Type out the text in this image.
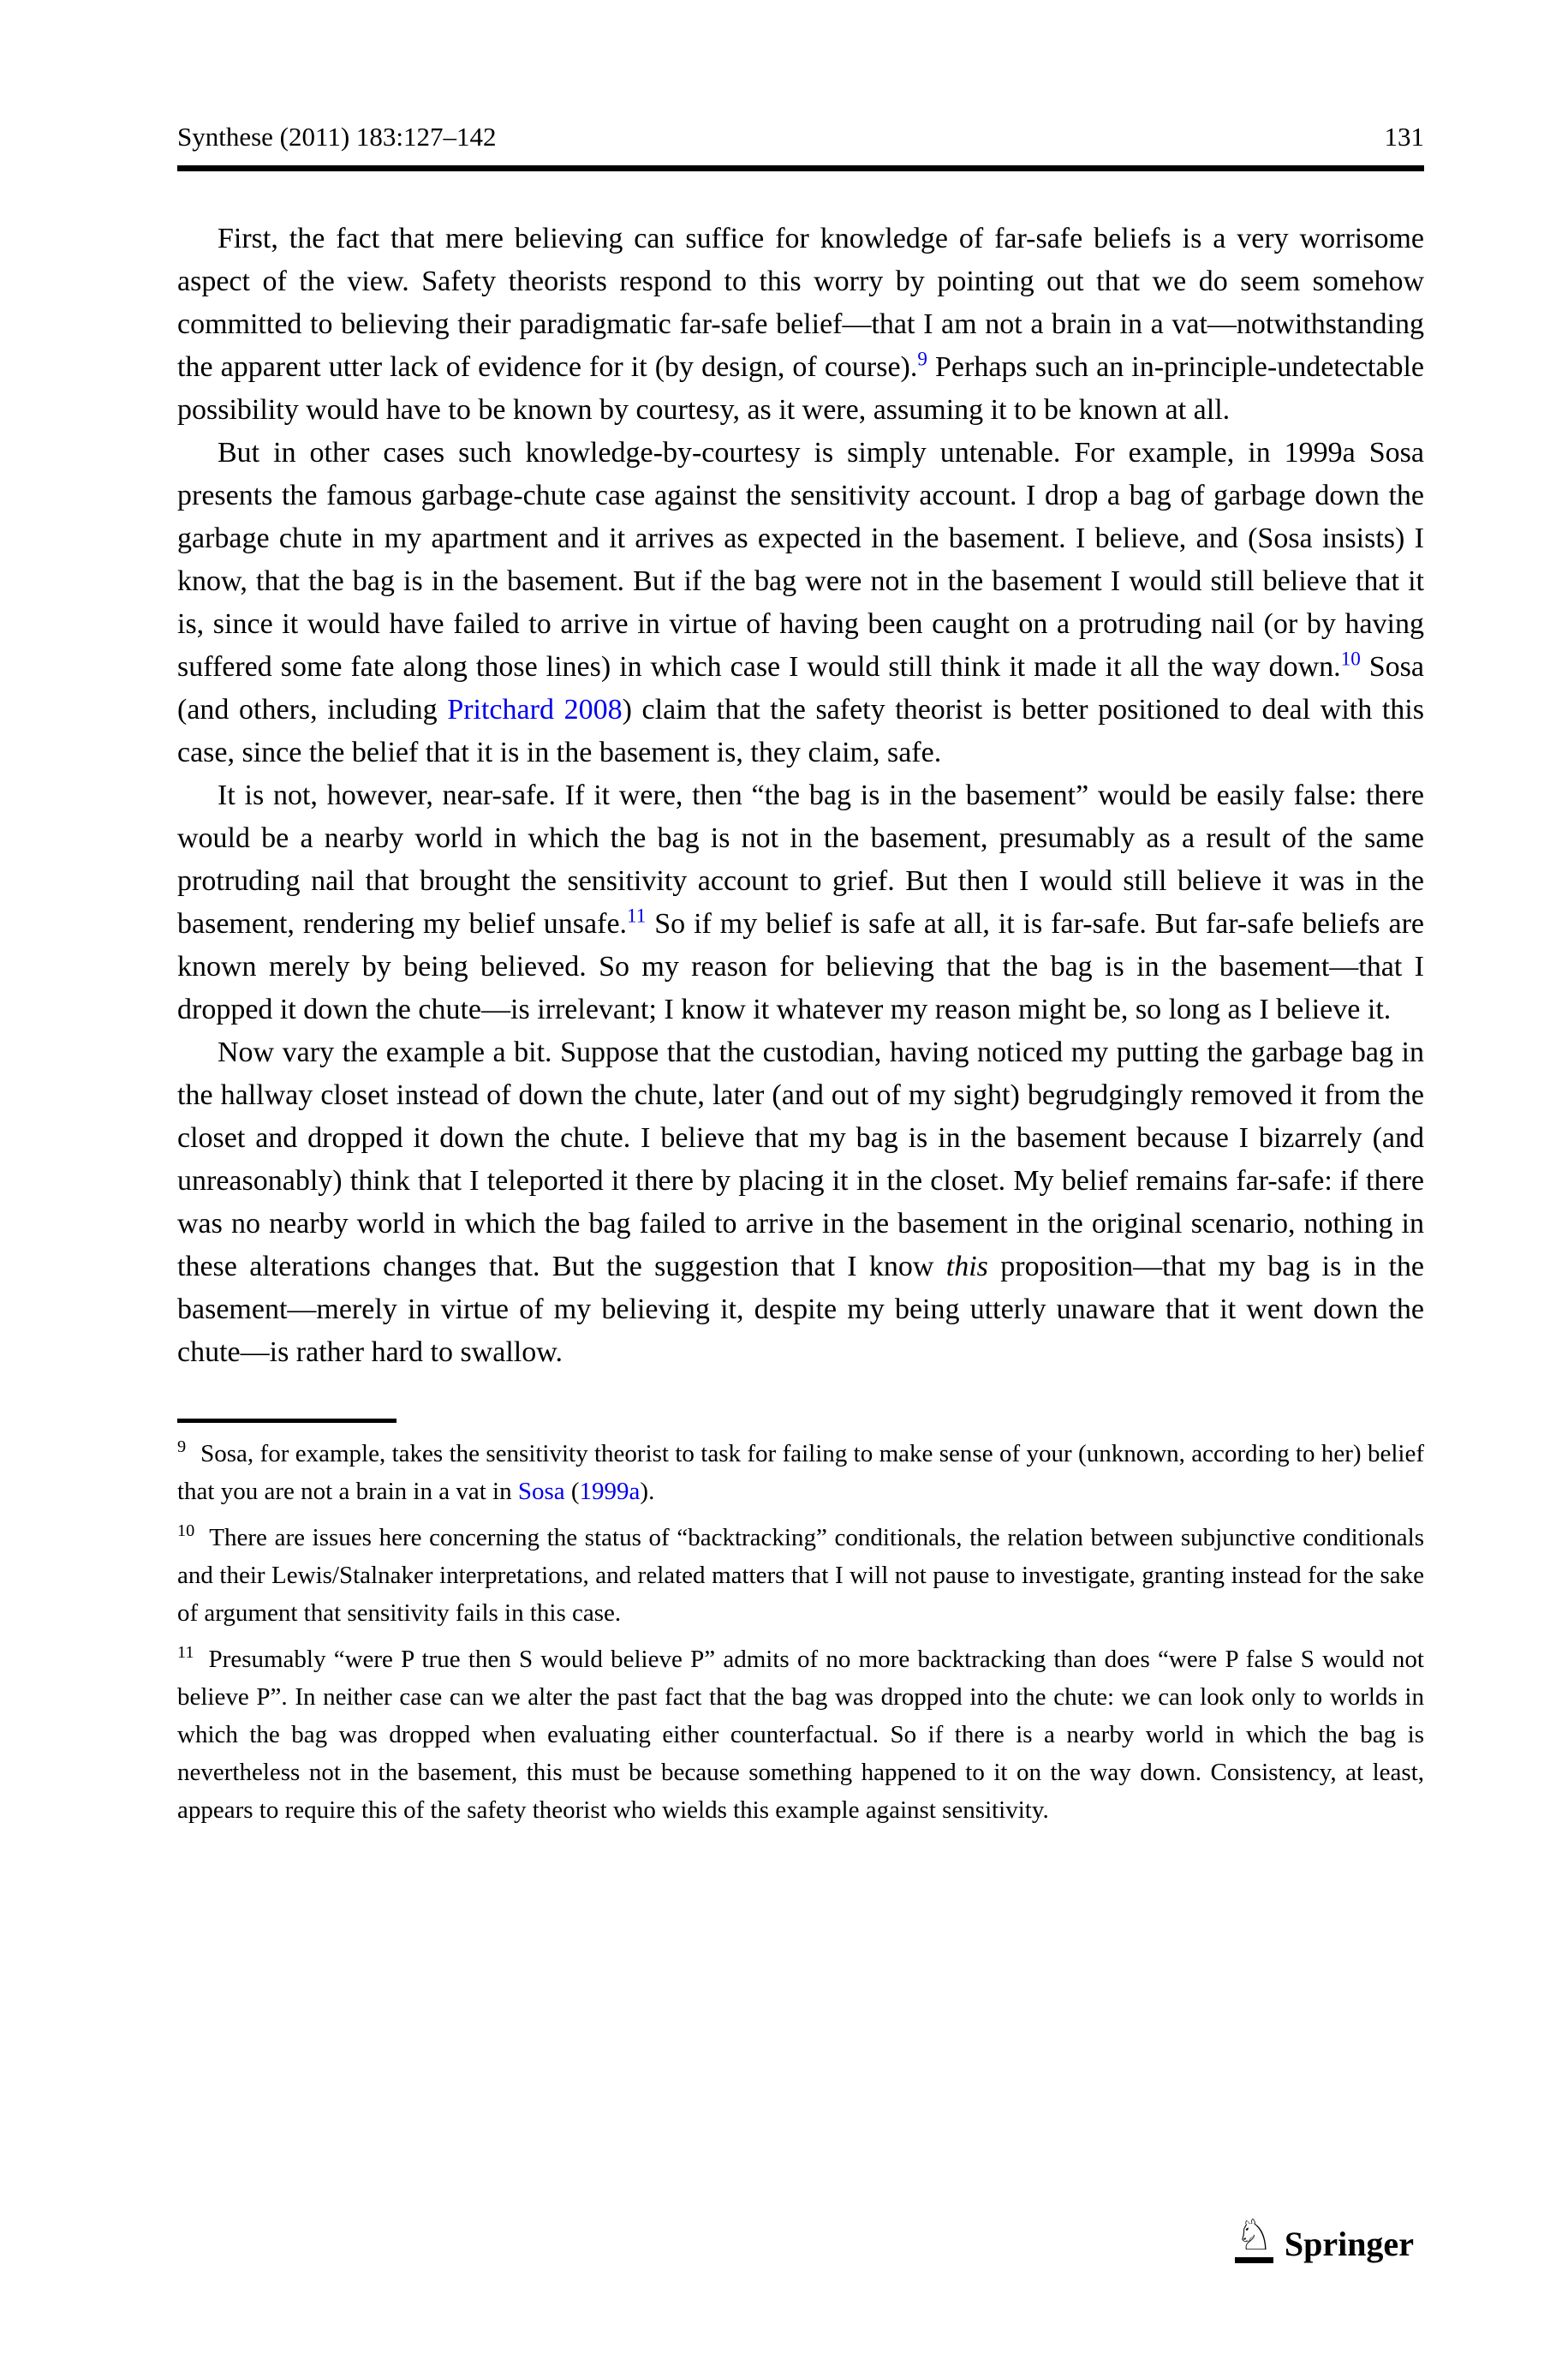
Synthese (2011) 183:127–142	131

First, the fact that mere believing can suffice for knowledge of far-safe beliefs is a very worrisome aspect of the view. Safety theorists respond to this worry by pointing out that we do seem somehow committed to believing their paradigmatic far-safe belief—that I am not a brain in a vat—notwithstanding the apparent utter lack of evidence for it (by design, of course).$^9$ Perhaps such an in-principle-undetectable possibility would have to be known by courtesy, as it were, assuming it to be known at all.

But in other cases such knowledge-by-courtesy is simply untenable. For example, in 1999a Sosa presents the famous garbage-chute case against the sensitivity account. I drop a bag of garbage down the garbage chute in my apartment and it arrives as expected in the basement. I believe, and (Sosa insists) I know, that the bag is in the basement. But if the bag were not in the basement I would still believe that it is, since it would have failed to arrive in virtue of having been caught on a protruding nail (or by having suffered some fate along those lines) in which case I would still think it made it all the way down.$^{10}$ Sosa (and others, including Pritchard 2008) claim that the safety theorist is better positioned to deal with this case, since the belief that it is in the basement is, they claim, safe.

It is not, however, near-safe. If it were, then “the bag is in the basement” would be easily false: there would be a nearby world in which the bag is not in the basement, presumably as a result of the same protruding nail that brought the sensitivity account to grief. But then I would still believe it was in the basement, rendering my belief unsafe.$^{11}$ So if my belief is safe at all, it is far-safe. But far-safe beliefs are known merely by being believed. So my reason for believing that the bag is in the basement—that I dropped it down the chute—is irrelevant; I know it whatever my reason might be, so long as I believe it.

Now vary the example a bit. Suppose that the custodian, having noticed my putting the garbage bag in the hallway closet instead of down the chute, later (and out of my sight) begrudgingly removed it from the closet and dropped it down the chute. I believe that my bag is in the basement because I bizarrely (and unreasonably) think that I teleported it there by placing it in the closet. My belief remains far-safe: if there was no nearby world in which the bag failed to arrive in the basement in the original scenario, nothing in these alterations changes that. But the suggestion that I know this proposition—that my bag is in the basement—merely in virtue of my believing it, despite my being utterly unaware that it went down the chute—is rather hard to swallow.

$^9$ Sosa, for example, takes the sensitivity theorist to task for failing to make sense of your (unknown, according to her) belief that you are not a brain in a vat in Sosa (1999a).
$^{10}$ There are issues here concerning the status of “backtracking” conditionals, the relation between subjunctive conditionals and their Lewis/Stalnaker interpretations, and related matters that I will not pause to investigate, granting instead for the sake of argument that sensitivity fails in this case.
$^{11}$ Presumably “were P true then S would believe P” admits of no more backtracking than does “were P false S would not believe P”. In neither case can we alter the past fact that the bag was dropped into the chute: we can look only to worlds in which the bag was dropped when evaluating either counterfactual. So if there is a nearby world in which the bag is nevertheless not in the basement, this must be because something happened to it on the way down. Consistency, at least, appears to require this of the safety theorist who wields this example against sensitivity.
♘ Springer
